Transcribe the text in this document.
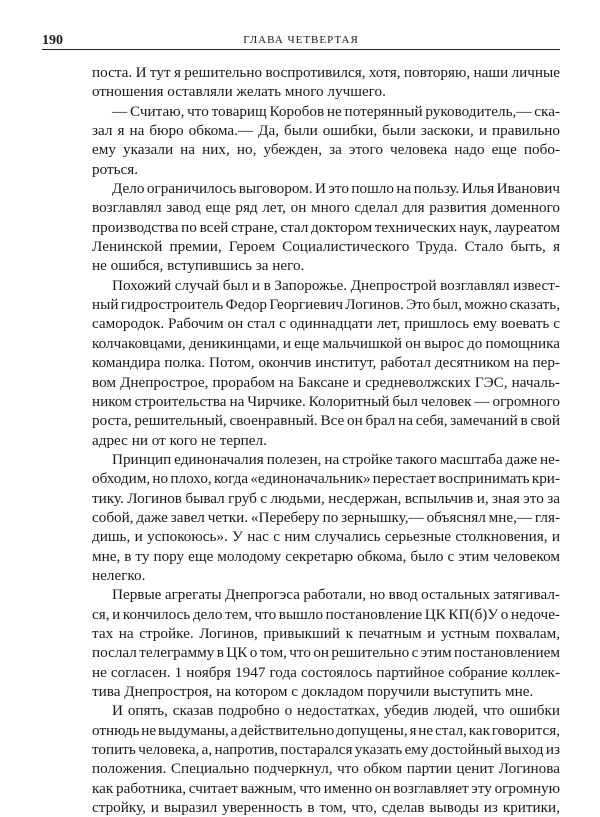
190	ГЛАВА ЧЕТВЕРТАЯ
поста. И тут я решительно воспротивился, хотя, повторяю, наши личные
отношения оставляли желать много лучшего.
— Считаю, что товарищ Коробов не потерянный руководитель,— ска-
зал я на бюро обкома.— Да, были ошибки, были заскоки, и правильно
ему указали на них, но, убежден, за этого человека надо еще побо-
роться.
Дело ограничилось выговором. И это пошло на пользу. Илья Иванович
возглавлял завод еще ряд лет, он много сделал для развития доменного
производства по всей стране, стал доктором технических наук, лауреатом
Ленинской премии, Героем Социалистического Труда. Стало быть, я
не ошибся, вступившись за него.
Похожий случай был и в Запорожье. Днепрострой возглавлял извест-
ный гидростроитель Федор Георгиевич Логинов. Это был, можно сказать,
самородок. Рабочим он стал с одиннадцати лет, пришлось ему воевать с
колчаковцами, деникинцами, и еще мальчишкой он вырос до помощника
командира полка. Потом, окончив институт, работал десятником на пер-
вом Днепрострое, прорабом на Баксане и средневолжских ГЭС, началь-
ником строительства на Чирчике. Колоритный был человек — огромного
роста, решительный, своенравный. Все он брал на себя, замечаний в свой
адрес ни от кого не терпел.
Принцип единоначалия полезен, на стройке такого масштаба даже не-
обходим, но плохо, когда «единоначальник» перестает воспринимать кри-
тику. Логинов бывал груб с людьми, несдержан, вспыльчив и, зная это за
собой, даже завел четки. «Переберу по зернышку,— объяснял мне,— гля-
дишь, и успокоюсь». У нас с ним случались серьезные столкновения, и
мне, в ту пору еще молодому секретарю обкома, было с этим человеком
нелегко.
Первые агрегаты Днепрогэса работали, но ввод остальных затягивал-
ся, и кончилось дело тем, что вышло постановление ЦК КП(б)У о недоче-
тах на стройке. Логинов, привыкший к печатным и устным похвалам,
послал телеграмму в ЦК о том, что он решительно с этим постановлением
не согласен. 1 ноября 1947 года состоялось партийное собрание коллек-
тива Днепростроя, на котором с докладом поручили выступить мне.
И опять, сказав подробно о недостатках, убедив людей, что ошибки
отнюдь не выдуманы, а действительно допущены, я не стал, как говорится,
топить человека, а, напротив, постарался указать ему достойный выход из
положения. Специально подчеркнул, что обком партии ценит Логинова
как работника, считает важным, что именно он возглавляет эту огромную
стройку, и выразил уверенность в том, что, сделав выводы из критики,
